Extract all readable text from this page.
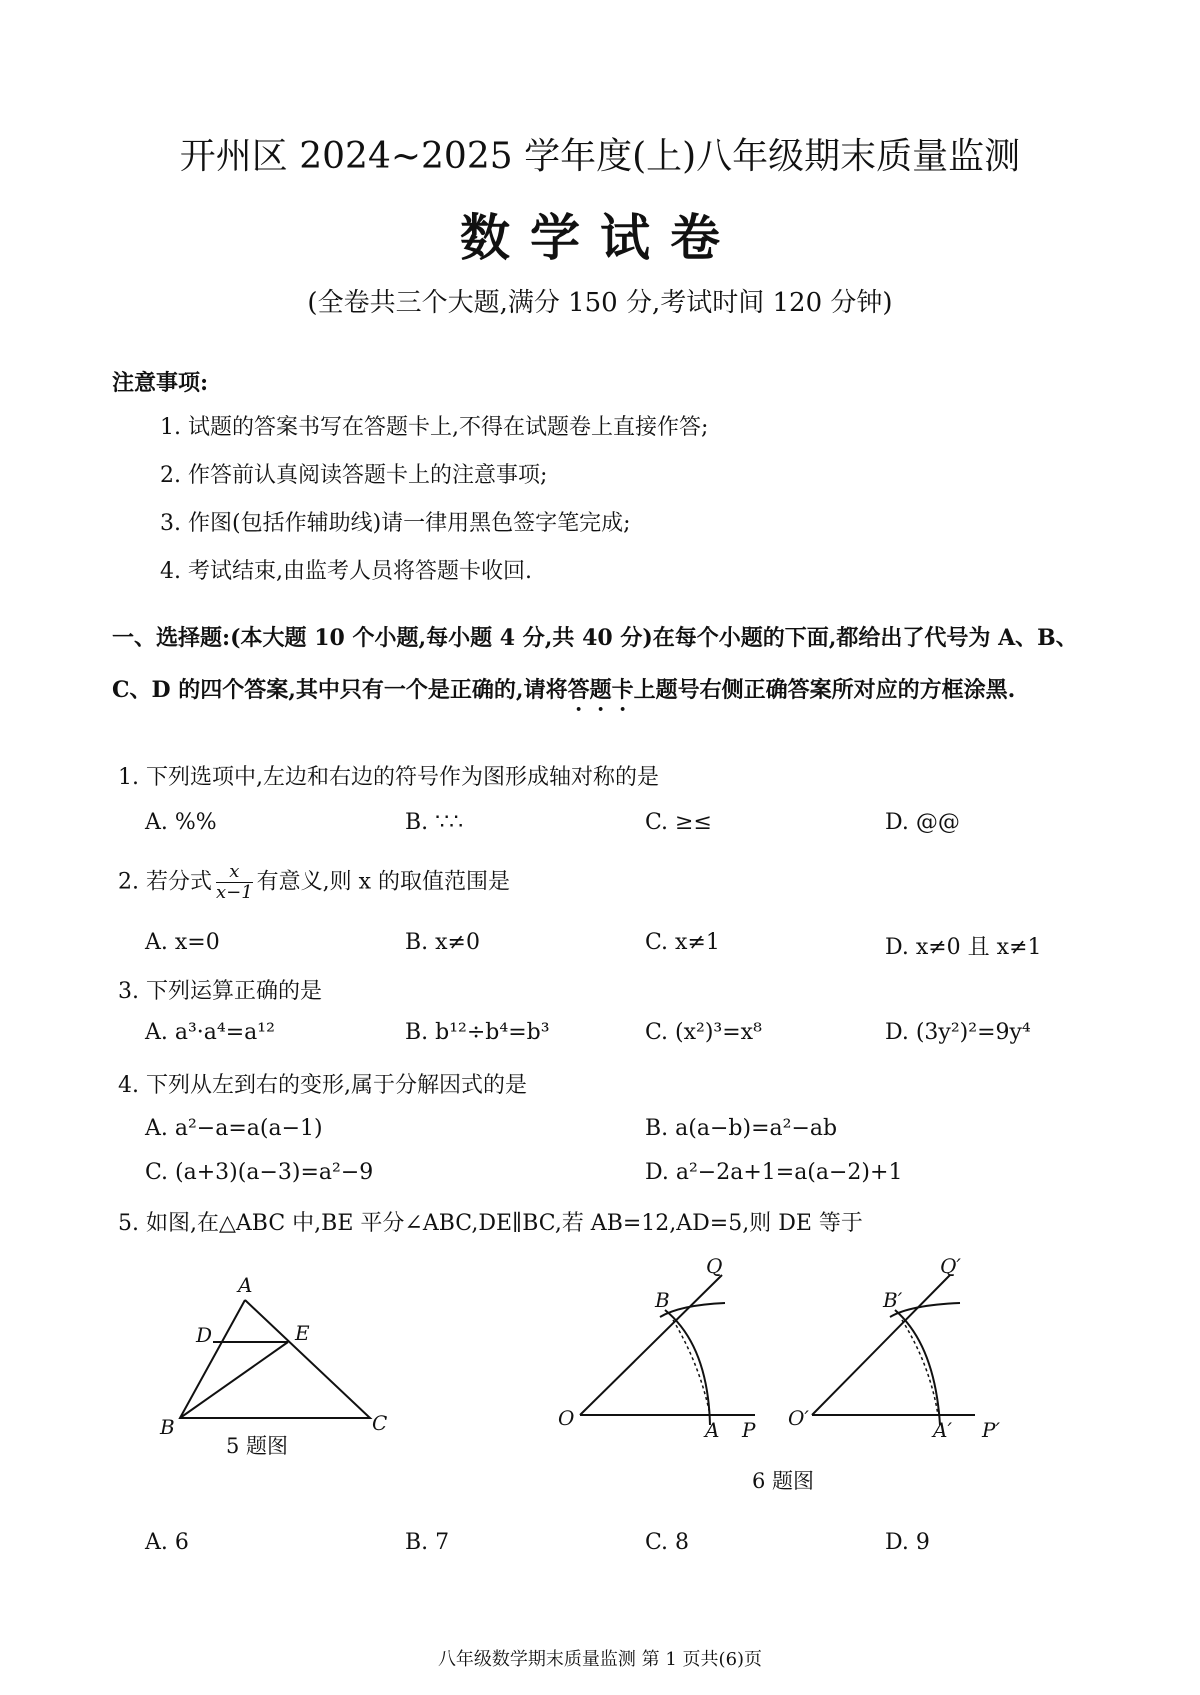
开州区 2024~2025 学年度(上)八年级期末质量监测
数学试卷
(全卷共三个大题,满分 150 分,考试时间 120 分钟)
注意事项:
1. 试题的答案书写在答题卡上,不得在试题卷上直接作答;
2. 作答前认真阅读答题卡上的注意事项;
3. 作图(包括作辅助线)请一律用黑色签字笔完成;
4. 考试结束,由监考人员将答题卡收回.
一、选择题:(本大题 10 个小题,每小题 4 分,共 40 分)在每个小题的下面,都给出了代号为 A、B、C、D 的四个答案,其中只有一个是正确的,请将答题卡上题号右侧正确答案所对应的方框涂黑.
1. 下列选项中,左边和右边的符号作为图形成轴对称的是
A. %%	B. ∵∴	C. ≥≤	D. @@
2. 若分式 $\frac{x}{x-1}$ 有意义,则 x 的取值范围是
A. x=0	B. x≠0	C. x≠1	D. x≠0 且 x≠1
3. 下列运算正确的是
A. a³·a⁴=a¹²	B. b¹²÷b⁴=b³	C. (x²)³=x⁸	D. (3y²)²=9y⁴
4. 下列从左到右的变形,属于分解因式的是
A. a²−a=a(a−1)	B. a(a−b)=a²−ab
C. (a+3)(a−3)=a²−9	D. a²−2a+1=a(a−2)+1
5. 如图,在△ABC 中,BE 平分∠ABC,DE∥BC,若 AB=12,AD=5,则 DE 等于
A
D	E
B	C
5 题图
O	A P
B
Q
O′	A′ P′
B′
Q′
6 题图
A. 6	B. 7	C. 8	D. 9
八年级数学期末质量监测 第 1 页共(6)页
